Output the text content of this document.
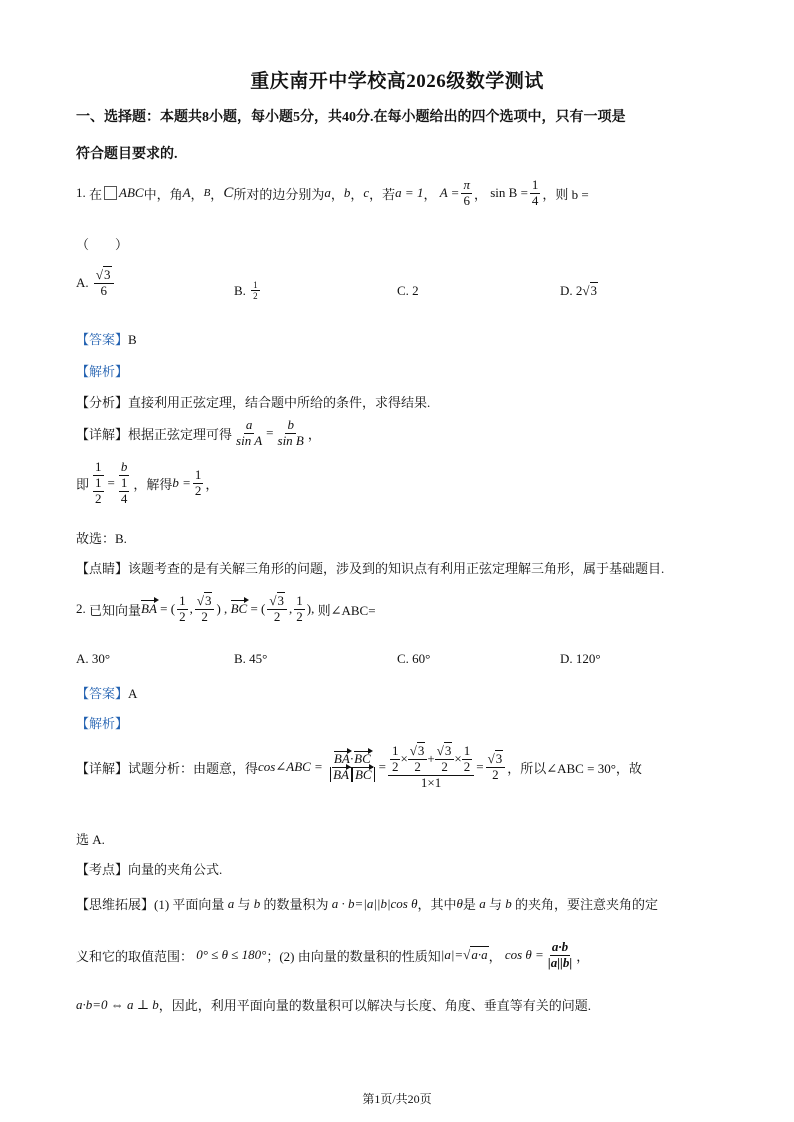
重庆南开中学校高2026级数学测试
一、选择题：本题共8小题，每小题5分，共40分.在每小题给出的四个选项中，只有一项是
符合题目要求的.
1.
在 ABC 中，角 A ， B ， C 所对的边分别为 a ， b ， c ，若 a = 1 ， $A = \frac{\pi}{6}$ ， $\sin B = \frac{1}{4}$ ，则 b =
（　　）
A.
$\frac{√3}{6}$	B.
$\frac{1}{2}$	C. 2	D.
2 √ 3
【答案】B
【解析】
【分析】直接利用正弦定理，结合题中所给的条件，求得结果.
【详解】 根据正弦定理可得 $\frac{a}{\text{sin A}} = \frac{b}{\text{sin B}}$ ，
即 $\frac{1}{\frac{1}{2}} = \frac{b}{\frac{1}{4}}$ ，解得 $b = \frac{1}{2}$ ，
故选：B.
【点睛】该题考查的是有关解三角形的问题，涉及到的知识点有利用正弦定理解三角形，属于基础题目.
2.
已知向量 BA = ( $\frac{1}{2}$ , $\frac{√3}{2}$ ) , BC = ( $\frac{√3}{2}$ , $\frac{1}{2}$ ), 则∠ABC=
A. 30°	B. 45°	C. 60°	D. 120°
【答案】A
【解析】
【详解】 试题分析：由题意，得 cos∠ABC =
$\frac{BA\cdot BC}{\text{BA BC}} = \frac{\frac{1}{2} \times \frac{√3}{2} + \frac{√3}{2} \times \frac{1}{2}}{1\times 1} = \frac{√3}{2}$ ，所以∠ABC = 30°，故
选 A.
【考点】向量的夹角公式.
【思维拓展】 (1) 平面向量 a 与 b 的数量积为
a · b=|a||b|cos θ ，其中 θ 是 a 与 b 的夹角，要注意夹角的定
义和它的取值范围：
0° ≤ θ ≤ 180° ；(2) 由向量的数量积的性质知 |a|= √ a·a ， $\cos \theta = \frac{a\cdot b}{|a||b|}$ ，
a·b=0 ⇔ a ⊥ b ，因此，利用平面向量的数量积可以解决与长度、角度、垂直等有关的问题.
第1页/共20页
